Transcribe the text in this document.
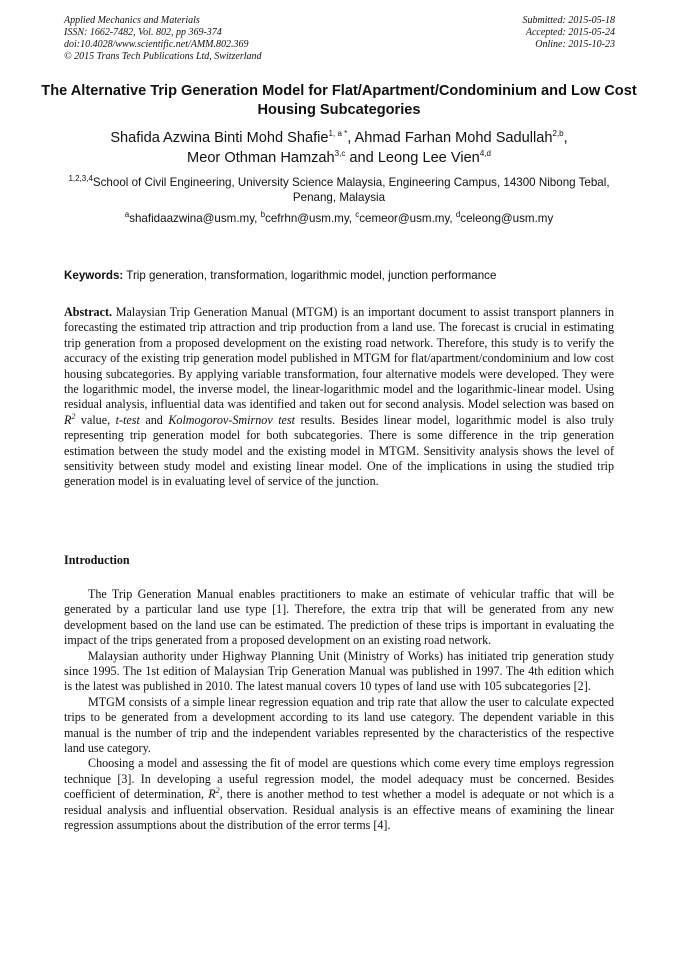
Applied Mechanics and Materials
ISSN: 1662-7482, Vol. 802, pp 369-374
doi:10.4028/www.scientific.net/AMM.802.369
© 2015 Trans Tech Publications Ltd, Switzerland
Submitted: 2015-05-18
Accepted: 2015-05-24
Online: 2015-10-23
The Alternative Trip Generation Model for Flat/Apartment/Condominium and Low Cost Housing Subcategories
Shafida Azwina Binti Mohd Shafie$^{1, a *}$, Ahmad Farhan Mohd Sadullah$^{2,b}$,
Meor Othman Hamzah$^{3,c}$ and Leong Lee Vien$^{4,d}$
$^{1,2,3,4}$School of Civil Engineering, University Science Malaysia, Engineering Campus, 14300 Nibong Tebal, Penang, Malaysia
$^a$shafidaazwina@usm.my, $^b$cefrhn@usm.my, $^c$cemeor@usm.my, $^d$celeong@usm.my
Keywords: Trip generation, transformation, logarithmic model, junction performance
Abstract. Malaysian Trip Generation Manual (MTGM) is an important document to assist transport planners in forecasting the estimated trip attraction and trip production from a land use. The forecast is crucial in estimating trip generation from a proposed development on the existing road network. Therefore, this study is to verify the accuracy of the existing trip generation model published in MTGM for flat/apartment/condominium and low cost housing subcategories. By applying variable transformation, four alternative models were developed. They were the logarithmic model, the inverse model, the linear-logarithmic model and the logarithmic-linear model. Using residual analysis, influential data was identified and taken out for second analysis. Model selection was based on $R^2$ value, t-test and Kolmogorov-Smirnov test results. Besides linear model, logarithmic model is also truly representing trip generation model for both subcategories. There is some difference in the trip generation estimation between the study model and the existing model in MTGM. Sensitivity analysis shows the level of sensitivity between study model and existing linear model. One of the implications in using the studied trip generation model is in evaluating level of service of the junction.
Introduction

The Trip Generation Manual enables practitioners to make an estimate of vehicular traffic that will be generated by a particular land use type [1]. Therefore, the extra trip that will be generated from any new development based on the land use can be estimated. The prediction of these trips is important in evaluating the impact of the trips generated from a proposed development on an existing road network.

Malaysian authority under Highway Planning Unit (Ministry of Works) has initiated trip generation study since 1995. The 1st edition of Malaysian Trip Generation Manual was published in 1997. The 4th edition which is the latest was published in 2010. The latest manual covers 10 types of land use with 105 subcategories [2].

MTGM consists of a simple linear regression equation and trip rate that allow the user to calculate expected trips to be generated from a development according to its land use category. The dependent variable in this manual is the number of trip and the independent variables represented by the characteristics of the respective land use category.

Choosing a model and assessing the fit of model are questions which come every time employs regression technique [3]. In developing a useful regression model, the model adequacy must be concerned. Besides coefficient of determination, $R^2$, there is another method to test whether a model is adequate or not which is a residual analysis and influential observation. Residual analysis is an effective means of examining the linear regression assumptions about the distribution of the error terms [4].
